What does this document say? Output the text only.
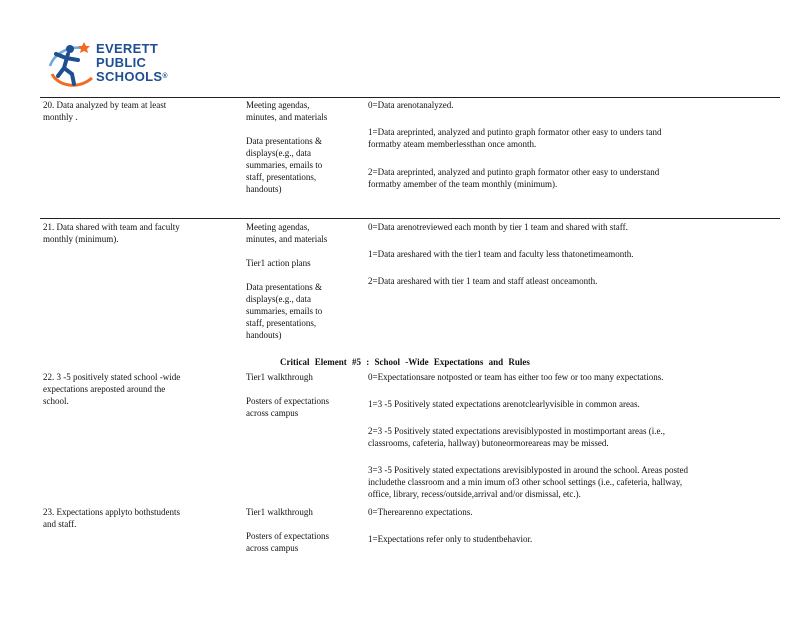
EVERETT
PUBLIC
SCHOOLS®
20. Data analyzed by team at least
monthly .
Meeting agendas,
minutes, and materials

Data presentations &
displays(e.g., data
summaries, emails to
staff, presentations,
handouts)
0=Data arenotanalyzed.
1=Data areprinted, analyzed and putinto graph formator other easy to unders tand
formatby ateam memberlessthan once amonth.
2=Data areprinted, analyzed and putinto graph formator other easy to understand
formatby amember of the team monthly (minimum).
21. Data shared with team and faculty
monthly (minimum).
Meeting agendas,
minutes, and materials

Tier1 action plans

Data presentations &
displays(e.g., data
summaries, emails to
staff, presentations,
handouts)
0=Data arenotreviewed each month by tier 1 team and shared with staff.
1=Data areshared with the tier1 team and faculty less thatonetimeamonth.
2=Data areshared with tier 1 team and staff atleast onceamonth.
Critical Element #5 : School -Wide Expectations and Rules
22. 3 -5 positively stated school -wide
expectations areposted around the
school.
Tier1 walkthrough

Posters of expectations
across campus
0=Expectationsare notposted or team has either too few or too many expectations.
1=3 -5 Positively stated expectations arenotclearlyvisible in common areas.
2=3 -5 Positively stated expectations arevisiblyposted in mostimportant areas (i.e.,
classrooms, cafeteria, hallway) butoneormoreareas may be missed.
3=3 -5 Positively stated expectations arevisiblyposted in around the school. Areas posted
includethe classroom and a min imum of3 other school settings (i.e., cafeteria, hallway,
office, library, recess/outside,arrival and/or dismissal, etc.).
23. Expectations applyto bothstudents
and staff.
Tier1 walkthrough

Posters of expectations
across campus
0=Therearenno expectations.
1=Expectations refer only to studentbehavior.
